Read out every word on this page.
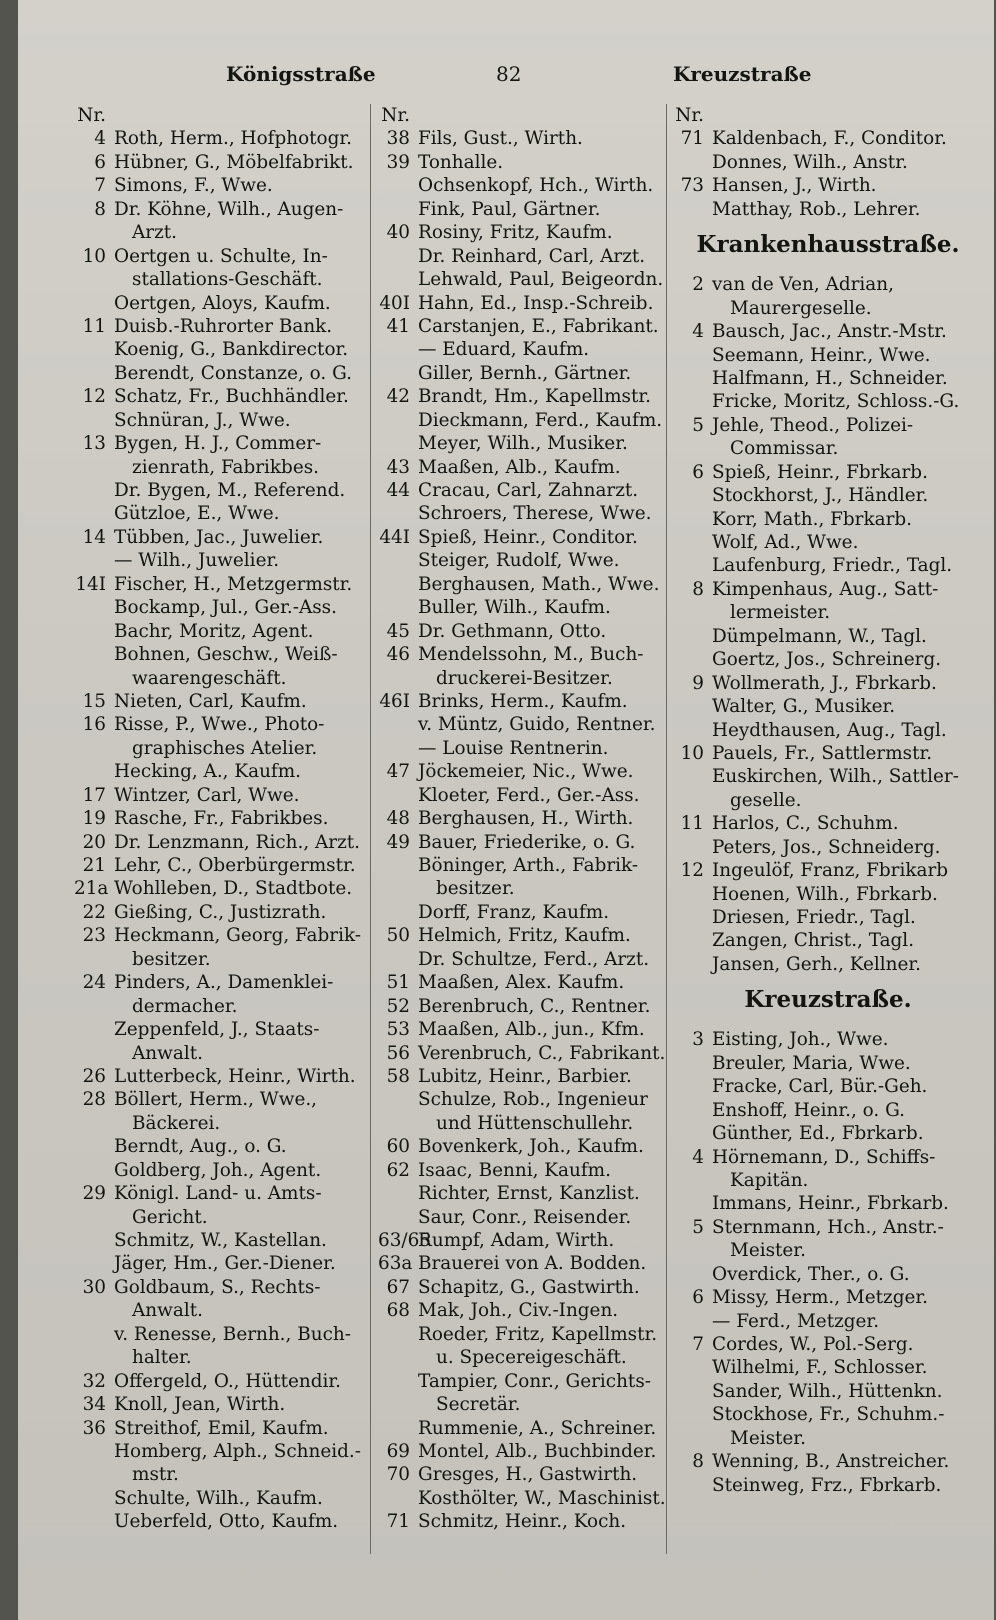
Königsstraße	82	Kreuzstraße
Nr.
4 Roth, Herm., Hofphotogr.
6 Hübner, G., Möbelfabrikt.
7 Simons, F., Wwe.
8 Dr. Köhne, Wilh., Augen-
Arzt.
10 Oertgen u. Schulte, In-
stallations-Geschäft.
Oertgen, Aloys, Kaufm.
11 Duisb.-Ruhrorter Bank.
Koenig, G., Bankdirector.
Berendt, Constanze, o. G.
12 Schatz, Fr., Buchhändler.
Schnüran, J., Wwe.
13 Bygen, H. J., Commer-
zienrath, Fabrikbes.
Dr. Bygen, M., Referend.
Gützloe, E., Wwe.
14 Tübben, Jac., Juwelier.
— Wilh., Juwelier.
14I Fischer, H., Metzgermstr.
Bockamp, Jul., Ger.-Ass.
Bachr, Moritz, Agent.
Bohnen, Geschw., Weiß-
waarengeschäft.
15 Nieten, Carl, Kaufm.
16 Risse, P., Wwe., Photo-
graphisches Atelier.
Hecking, A., Kaufm.
17 Wintzer, Carl, Wwe.
19 Rasche, Fr., Fabrikbes.
20 Dr. Lenzmann, Rich., Arzt.
21 Lehr, C., Oberbürgermstr.
21a Wohlleben, D., Stadtbote.
22 Gießing, C., Justizrath.
23 Heckmann, Georg, Fabrik-
besitzer.
24 Pinders, A., Damenklei-
dermacher.
Zeppenfeld, J., Staats-
Anwalt.
26 Lutterbeck, Heinr., Wirth.
28 Böllert, Herm., Wwe.,
Bäckerei.
Berndt, Aug., o. G.
Goldberg, Joh., Agent.
29 Königl. Land- u. Amts-
Gericht.
Schmitz, W., Kastellan.
Jäger, Hm., Ger.-Diener.
30 Goldbaum, S., Rechts-
Anwalt.
v. Renesse, Bernh., Buch-
halter.
32 Offergeld, O., Hüttendir.
34 Knoll, Jean, Wirth.
36 Streithof, Emil, Kaufm.
Homberg, Alph., Schneid.-
mstr.
Schulte, Wilh., Kaufm.
Ueberfeld, Otto, Kaufm.
Nr.
38 Fils, Gust., Wirth.
39 Tonhalle.
Ochsenkopf, Hch., Wirth.
Fink, Paul, Gärtner.
40 Rosiny, Fritz, Kaufm.
Dr. Reinhard, Carl, Arzt.
Lehwald, Paul, Beigeordn.
40I Hahn, Ed., Insp.-Schreib.
41 Carstanjen, E., Fabrikant.
— Eduard, Kaufm.
Giller, Bernh., Gärtner.
42 Brandt, Hm., Kapellmstr.
Dieckmann, Ferd., Kaufm.
Meyer, Wilh., Musiker.
43 Maaßen, Alb., Kaufm.
44 Cracau, Carl, Zahnarzt.
Schroers, Therese, Wwe.
44I Spieß, Heinr., Conditor.
Steiger, Rudolf, Wwe.
Berghausen, Math., Wwe.
Buller, Wilh., Kaufm.
45 Dr. Gethmann, Otto.
46 Mendelssohn, M., Buch-
druckerei-Besitzer.
46I Brinks, Herm., Kaufm.
v. Müntz, Guido, Rentner.
— Louise Rentnerin.
47 Jöckemeier, Nic., Wwe.
Kloeter, Ferd., Ger.-Ass.
48 Berghausen, H., Wirth.
49 Bauer, Friederike, o. G.
Böninger, Arth., Fabrik-
besitzer.
Dorff, Franz, Kaufm.
50 Helmich, Fritz, Kaufm.
Dr. Schultze, Ferd., Arzt.
51 Maaßen, Alex. Kaufm.
52 Berenbruch, C., Rentner.
53 Maaßen, Alb., jun., Kfm.
56 Verenbruch, C., Fabrikant.
58 Lubitz, Heinr., Barbier.
Schulze, Rob., Ingenieur
und Hüttenschullehr.
60 Bovenkerk, Joh., Kaufm.
62 Isaac, Benni, Kaufm.
Richter, Ernst, Kanzlist.
Saur, Conr., Reisender.
63/65
Rumpf, Adam, Wirth.
63a Brauerei von A. Bodden.
67 Schapitz, G., Gastwirth.
68 Mak, Joh., Civ.-Ingen.
Roeder, Fritz, Kapellmstr.
u. Specereigeschäft.
Tampier, Conr., Gerichts-
Secretär.
Rummenie, A., Schreiner.
69 Montel, Alb., Buchbinder.
70 Gresges, H., Gastwirth.
Kosthölter, W., Maschinist.
71 Schmitz, Heinr., Koch.
Nr.
71 Kaldenbach, F., Conditor.
Donnes, Wilh., Anstr.
73 Hansen, J., Wirth.
Matthay, Rob., Lehrer.
Krankenhausstraße.
2 van de Ven, Adrian,
Maurergeselle.
4 Bausch, Jac., Anstr.-Mstr.
Seemann, Heinr., Wwe.
Halfmann, H., Schneider.
Fricke, Moritz, Schloss.-G.
5 Jehle, Theod., Polizei-
Commissar.
6 Spieß, Heinr., Fbrkarb.
Stockhorst, J., Händler.
Korr, Math., Fbrkarb.
Wolf, Ad., Wwe.
Laufenburg, Friedr., Tagl.
8 Kimpenhaus, Aug., Satt-
lermeister.
Dümpelmann, W., Tagl.
Goertz, Jos., Schreinerg.
9 Wollmerath, J., Fbrkarb.
Walter, G., Musiker.
Heydthausen, Aug., Tagl.
10 Pauels, Fr., Sattlermstr.
Euskirchen, Wilh., Sattler-
geselle.
11 Harlos, C., Schuhm.
Peters, Jos., Schneiderg.
12 Ingeulöf, Franz, Fbrikarb
Hoenen, Wilh., Fbrkarb.
Driesen, Friedr., Tagl.
Zangen, Christ., Tagl.
Jansen, Gerh., Kellner.
Kreuzstraße.
3 Eisting, Joh., Wwe.
Breuler, Maria, Wwe.
Fracke, Carl, Bür.-Geh.
Enshoff, Heinr., o. G.
Günther, Ed., Fbrkarb.
4 Hörnemann, D., Schiffs-
Kapitän.
Immans, Heinr., Fbrkarb.
5 Sternmann, Hch., Anstr.-
Meister.
Overdick, Ther., o. G.
6 Missy, Herm., Metzger.
— Ferd., Metzger.
7 Cordes, W., Pol.-Serg.
Wilhelmi, F., Schlosser.
Sander, Wilh., Hüttenkn.
Stockhose, Fr., Schuhm.-
Meister.
8 Wenning, B., Anstreicher.
Steinweg, Frz., Fbrkarb.
